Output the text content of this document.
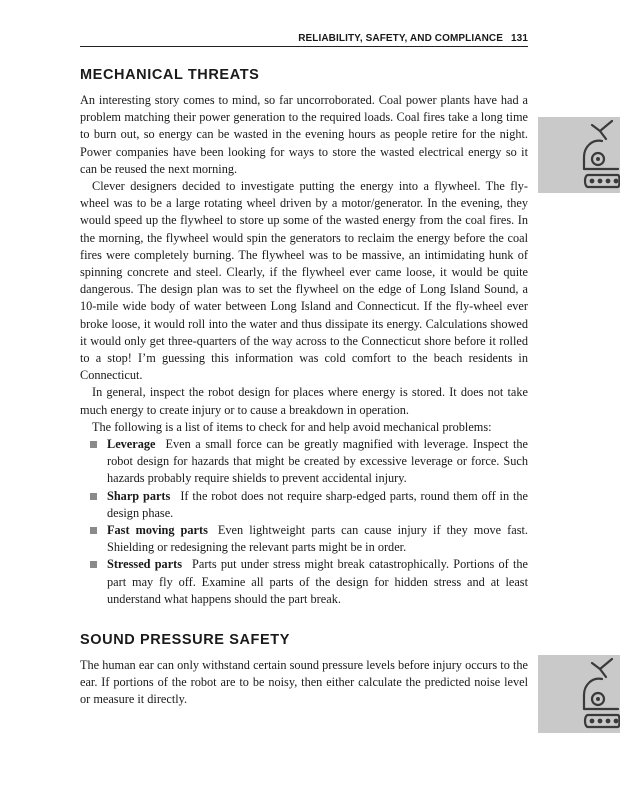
RELIABILITY, SAFETY, AND COMPLIANCE 131
MECHANICAL THREATS

An interesting story comes to mind, so far uncorroborated. Coal power plants have had a problem matching their power generation to the required loads. Coal fires take a long time to burn out, so energy can be wasted in the evening hours as people retire for the night. Power companies have been looking for ways to store the wasted electrical energy so it can be reused the next morning.

Clever designers decided to investigate putting the energy into a flywheel. The fly-wheel was to be a large rotating wheel driven by a motor/generator. In the evening, they would speed up the flywheel to store up some of the wasted energy from the coal fires. In the morning, the flywheel would spin the generators to reclaim the energy before the coal fires were completely burning. The flywheel was to be massive, an intimidating hunk of spinning concrete and steel. Clearly, if the flywheel ever came loose, it would be quite dangerous. The design plan was to set the flywheel on the edge of Long Island Sound, a 10-mile wide body of water between Long Island and Connecticut. If the fly-wheel ever broke loose, it would roll into the water and thus dissipate its energy. Calculations showed it would only get three-quarters of the way across to the Connecticut shore before it rolled to a stop! I’m guessing this information was cold comfort to the beach residents in Connecticut.

In general, inspect the robot design for places where energy is stored. It does not take much energy to create injury or to cause a breakdown in operation.

The following is a list of items to check for and help avoid mechanical problems:

Leverage Even a small force can be greatly magnified with leverage. Inspect the robot design for hazards that might be created by excessive leverage or force. Such hazards probably require shields to prevent accidental injury.
Sharp parts If the robot does not require sharp-edged parts, round them off in the design phase.
Fast moving parts Even lightweight parts can cause injury if they move fast. Shielding or redesigning the relevant parts might be in order.
Stressed parts Parts put under stress might break catastrophically. Portions of the part may fly off. Examine all parts of the design for hidden stress and at least understand what happens should the part break.
SOUND PRESSURE SAFETY

The human ear can only withstand certain sound pressure levels before injury occurs to the ear. If portions of the robot are to be noisy, then either calculate the predicted noise level or measure it directly.
